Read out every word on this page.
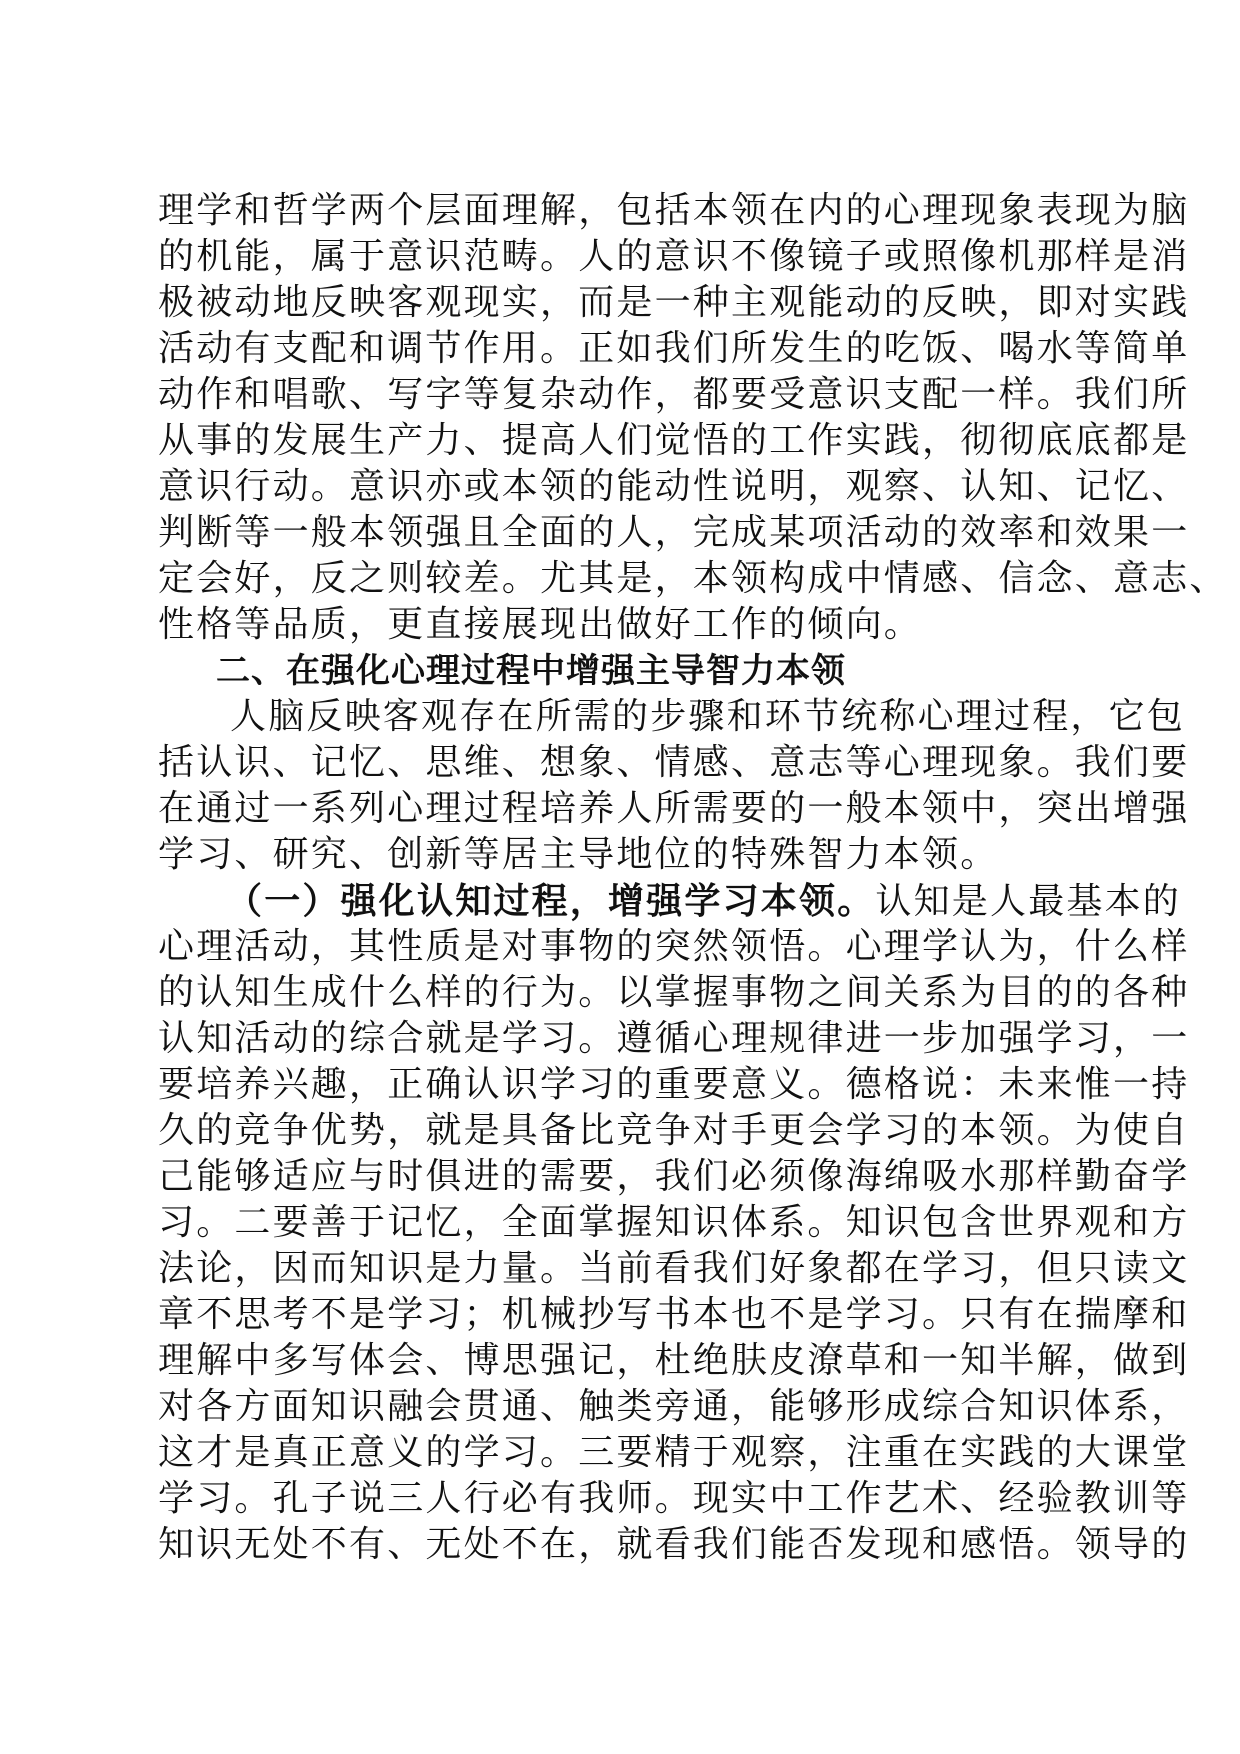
理学和哲学两个层面理解，包括本领在内的心理现象表现为脑
的机能，属于意识范畴。人的意识不像镜子或照像机那样是消
极被动地反映客观现实，而是一种主观能动的反映，即对实践
活动有支配和调节作用。正如我们所发生的吃饭、喝水等简单
动作和唱歌、写字等复杂动作，都要受意识支配一样。我们所
从事的发展生产力、提高人们觉悟的工作实践，彻彻底底都是
意识行动。意识亦或本领的能动性说明，观察、认知、记忆、
判断等一般本领强且全面的人，完成某项活动的效率和效果一
定会好，反之则较差。尤其是，本领构成中情感、信念、意志、
性格等品质，更直接展现出做好工作的倾向。
二、在强化心理过程中增强主导智力本领
人脑反映客观存在所需的步骤和环节统称心理过程，它包
括认识、记忆、思维、想象、情感、意志等心理现象。我们要
在通过一系列心理过程培养人所需要的一般本领中，突出增强
学习、研究、创新等居主导地位的特殊智力本领。
（一）强化认知过程，增强学习本领。认知是人最基本的
心理活动，其性质是对事物的突然领悟。心理学认为，什么样
的认知生成什么样的行为。以掌握事物之间关系为目的的各种
认知活动的综合就是学习。遵循心理规律进一步加强学习，一
要培养兴趣，正确认识学习的重要意义。德格说：未来惟一持
久的竞争优势，就是具备比竞争对手更会学习的本领。为使自
己能够适应与时俱进的需要，我们必须像海绵吸水那样勤奋学
习。二要善于记忆，全面掌握知识体系。知识包含世界观和方
法论，因而知识是力量。当前看我们好象都在学习，但只读文
章不思考不是学习；机械抄写书本也不是学习。只有在揣摩和
理解中多写体会、博思强记，杜绝肤皮潦草和一知半解，做到
对各方面知识融会贯通、触类旁通，能够形成综合知识体系，
这才是真正意义的学习。三要精于观察，注重在实践的大课堂
学习。孔子说三人行必有我师。现实中工作艺术、经验教训等
知识无处不有、无处不在，就看我们能否发现和感悟。领导的
